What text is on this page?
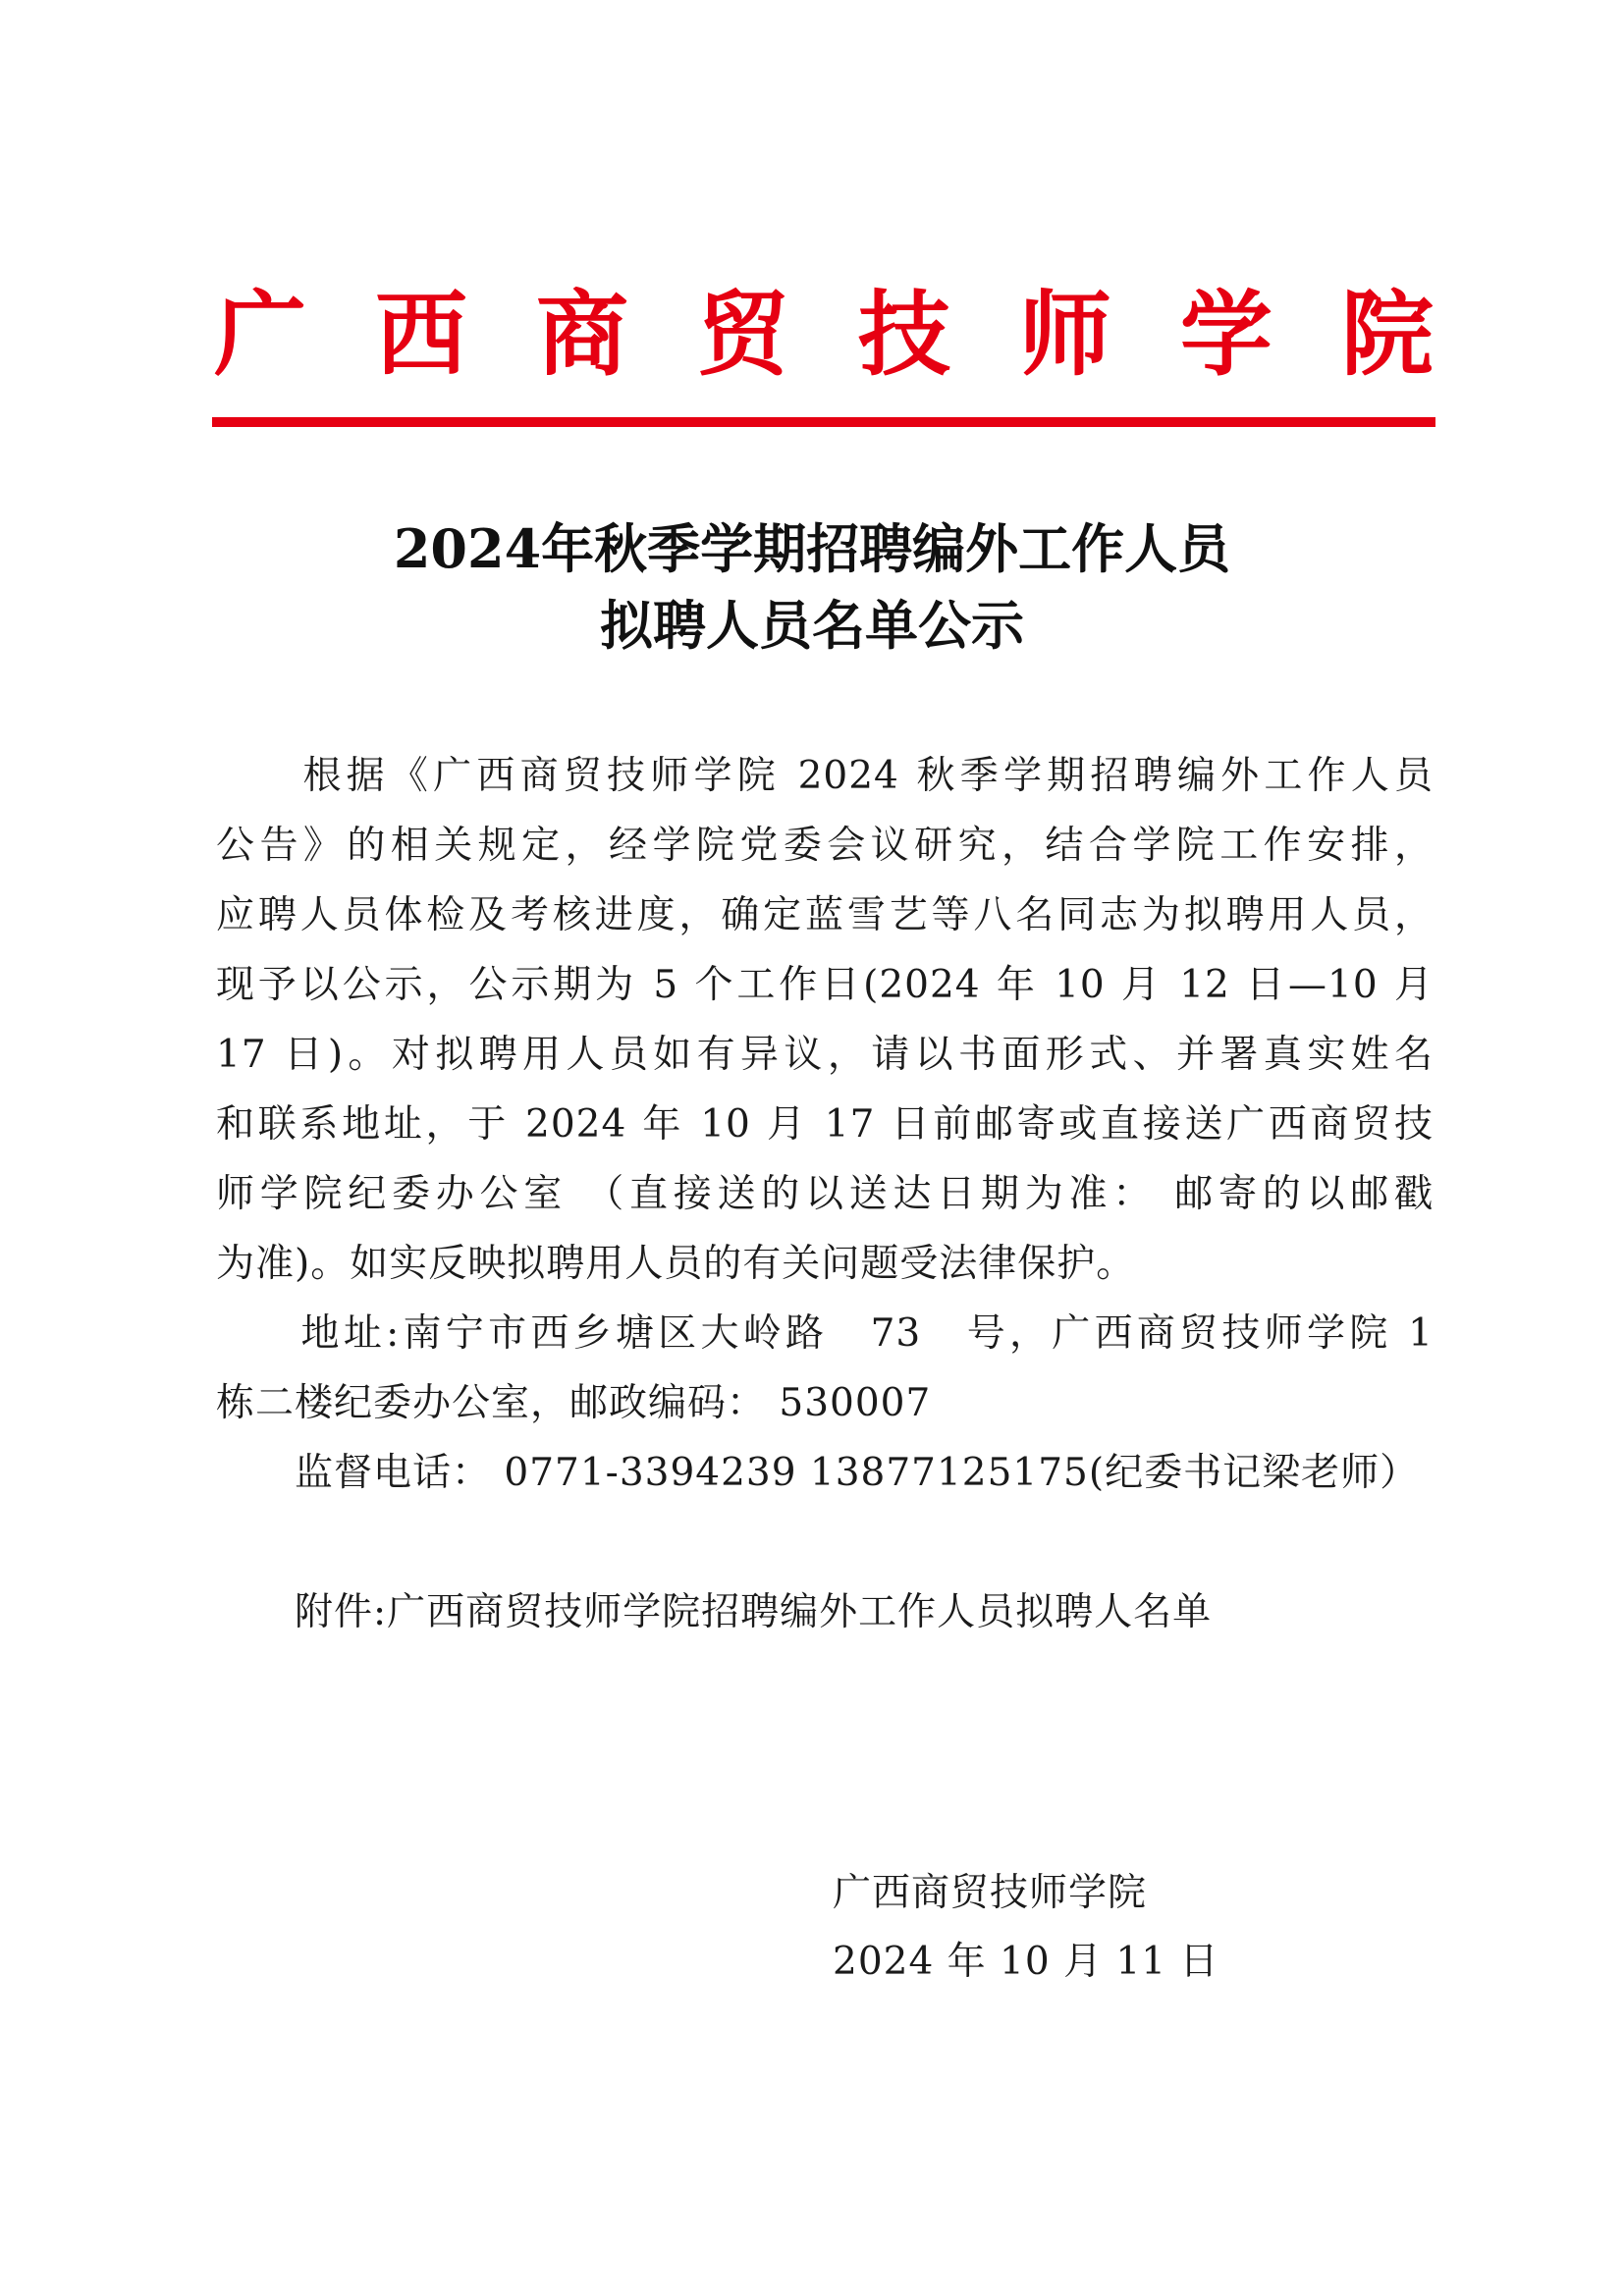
广 西 商 贸 技 师 学 院
2024年秋季学期招聘编外工作人员
拟聘人员名单公示
　　根据《广西商贸技师学院 2024 秋季学期招聘编外工作人员
公告》的相关规定，经学院党委会议研究，结合学院工作安排，
应聘人员体检及考核进度，确定蓝雪艺等八名同志为拟聘用人员，
现予以公示，公示期为 5 个工作日(2024 年 10 月 12 日—10 月
17 日)。对拟聘用人员如有异议，请以书面形式、并署真实姓名
和联系地址，于 2024 年 10 月 17 日前邮寄或直接送广西商贸技
师学院纪委办公室 （直接送的以送达日期为准： 邮寄的以邮戳
为准)。如实反映拟聘用人员的有关问题受法律保护。
　　地址:南宁市西乡塘区大岭路　73　号，广西商贸技师学院 1
栋二楼纪委办公室，邮政编码： 530007
　　监督电话： 0771-3394239 13877125175(纪委书记梁老师）
　　附件:广西商贸技师学院招聘编外工作人员拟聘人名单
广西商贸技师学院
2024 年 10 月 11 日
